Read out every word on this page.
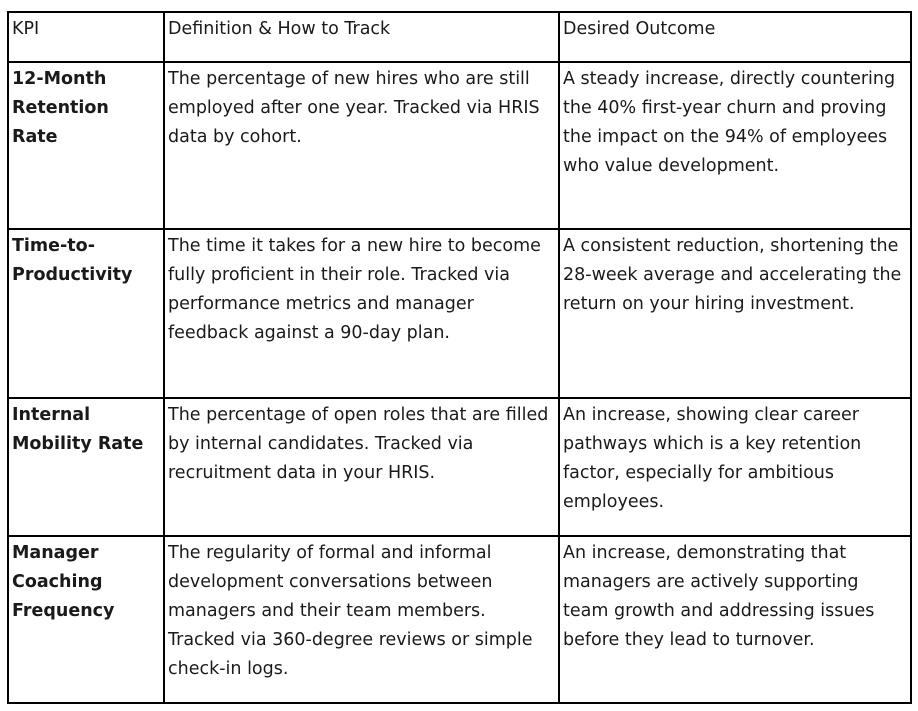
KPI	Definition & How to Track	Desired Outcome
12-Month Retention Rate	The percentage of new hires who are still employed after one year. Tracked via HRIS data by cohort.	A steady increase, directly countering the 40% first-year churn and proving the impact on the 94% of employees who value development.
Time-to-Productivity	The time it takes for a new hire to become fully proficient in their role. Tracked via performance metrics and manager feedback against a 90-day plan.	A consistent reduction, shortening the 28-week average and accelerating the return on your hiring investment.
Internal Mobility Rate	The percentage of open roles that are filled by internal candidates. Tracked via recruitment data in your HRIS.	An increase, showing clear career pathways which is a key retention factor, especially for ambitious employees.
Manager Coaching Frequency	The regularity of formal and informal development conversations between managers and their team members. Tracked via 360-degree reviews or simple check-in logs.	An increase, demonstrating that managers are actively supporting team growth and addressing issues before they lead to turnover.
